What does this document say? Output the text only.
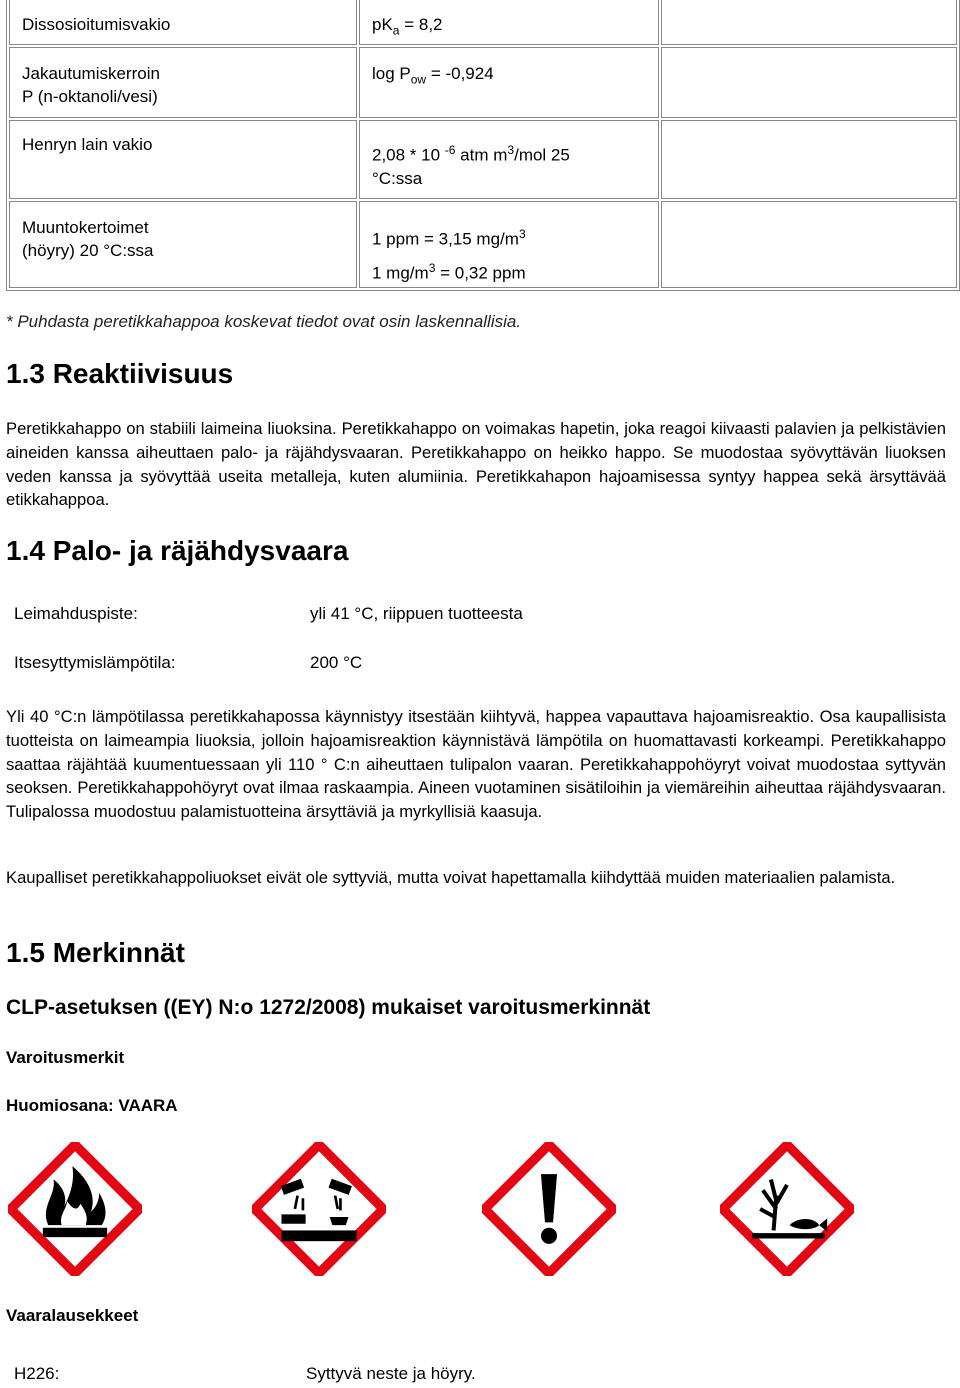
Dissosioitumisvakio	$pK_a = 8,2$	
Jakautumiskerroin
P (n-oktanoli/vesi)	$\log P_{ow} = -0,924$	
Henryn lain vakio	2,08 * 10 $^{-6}$ atm $m^3$/mol 25
°C:ssa	
Muuntokertoimet
(höyry) 20 °C:ssa	1 ppm = 3,15 $mg/m^3$
1 $mg/m^3 = 0,32$ ppm	
* Puhdasta peretikkahappoa koskevat tiedot ovat osin laskennallisia.
1.3 Reaktiivisuus
Peretikkahappo on stabiili laimeina liuoksina. Peretikkahappo on voimakas hapetin, joka reagoi kiivaasti palavien ja pelkistävien aineiden kanssa aiheuttaen palo- ja räjähdysvaaran. Peretikkahappo on heikko happo. Se muodostaa syövyttävän liuoksen veden kanssa ja syövyttää useita metalleja, kuten alumiinia. Peretikkahapon hajoamisessa syntyy happea sekä ärsyttävää etikkahappoa.
1.4 Palo- ja räjähdysvaara
Leimahduspiste:	yli 41 °C, riippuen tuotteesta
Itsesyttymislämpötila:	200 °C
Yli 40 °C:n lämpötilassa peretikkahapossa käynnistyy itsestään kiihtyvä, happea vapauttava hajoamisreaktio. Osa kaupallisista tuotteista on laimeampia liuoksia, jolloin hajoamisreaktion käynnistävä lämpötila on huomattavasti korkeampi. Peretikkahappo saattaa räjähtää kuumentuessaan yli 110 ° C:n aiheuttaen tulipalon vaaran. Peretikkahappohöyryt voivat muodostaa syttyvän seoksen. Peretikkahappohöyryt ovat ilmaa raskaampia. Aineen vuotaminen sisätiloihin ja viemäreihin aiheuttaa räjähdysvaaran. Tulipalossa muodostuu palamistuotteina ärsyttäviä ja myrkyllisiä kaasuja.
Kaupalliset peretikkahappoliuokset eivät ole syttyviä, mutta voivat hapettamalla kiihdyttää muiden materiaalien palamista.
1.5 Merkinnät
CLP-asetuksen ((EY) N:o 1272/2008) mukaiset varoitusmerkinnät
Varoitusmerkit
Huomiosana: VAARA
Vaaralausekkeet
H226:	Syttyvä neste ja höyry.
